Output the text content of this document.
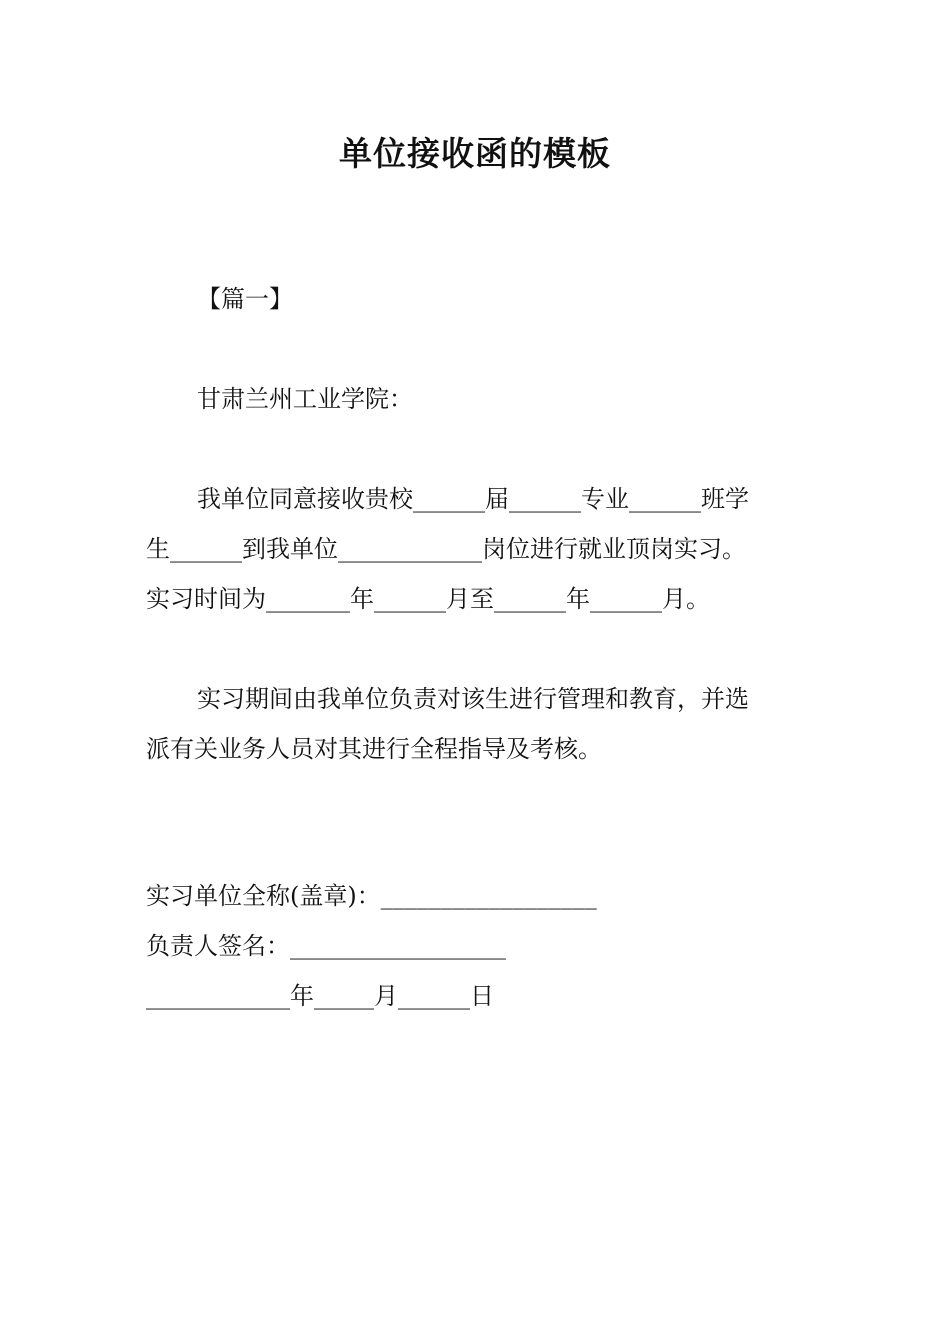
单位接收函的模板
【篇一】
甘肃兰州工业学院：
我单位同意接收贵校______届______专业______班学
生______到我单位____________岗位进行就业顶岗实习。
实习时间为_______年______月至______年______月。
实习期间由我单位负责对该生进行管理和教育，并选
派有关业务人员对其进行全程指导及考核。
实习单位全称(盖章)：__________________
负责人签名：__________________
____________年_____月______日
